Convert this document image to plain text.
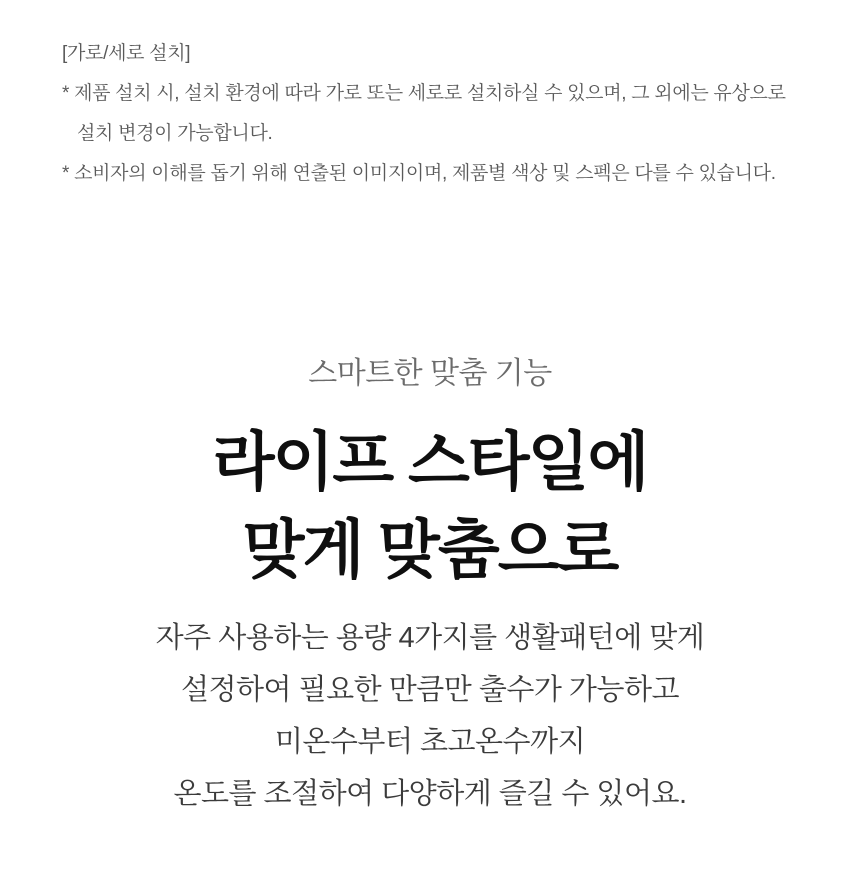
[가로/세로 설치]
* 제품 설치 시, 설치 환경에 따라 가로 또는 세로로 설치하실 수 있으며, 그 외에는 유상으로
설치 변경이 가능합니다.
* 소비자의 이해를 돕기 위해 연출된 이미지이며, 제품별 색상 및 스펙은 다를 수 있습니다.
스마트한 맞춤 기능
라이프 스타일에
맞게 맞춤으로
자주 사용하는 용량 4가지를 생활패턴에 맞게
설정하여 필요한 만큼만 출수가 가능하고
미온수부터 초고온수까지
온도를 조절하여 다양하게 즐길 수 있어요.
